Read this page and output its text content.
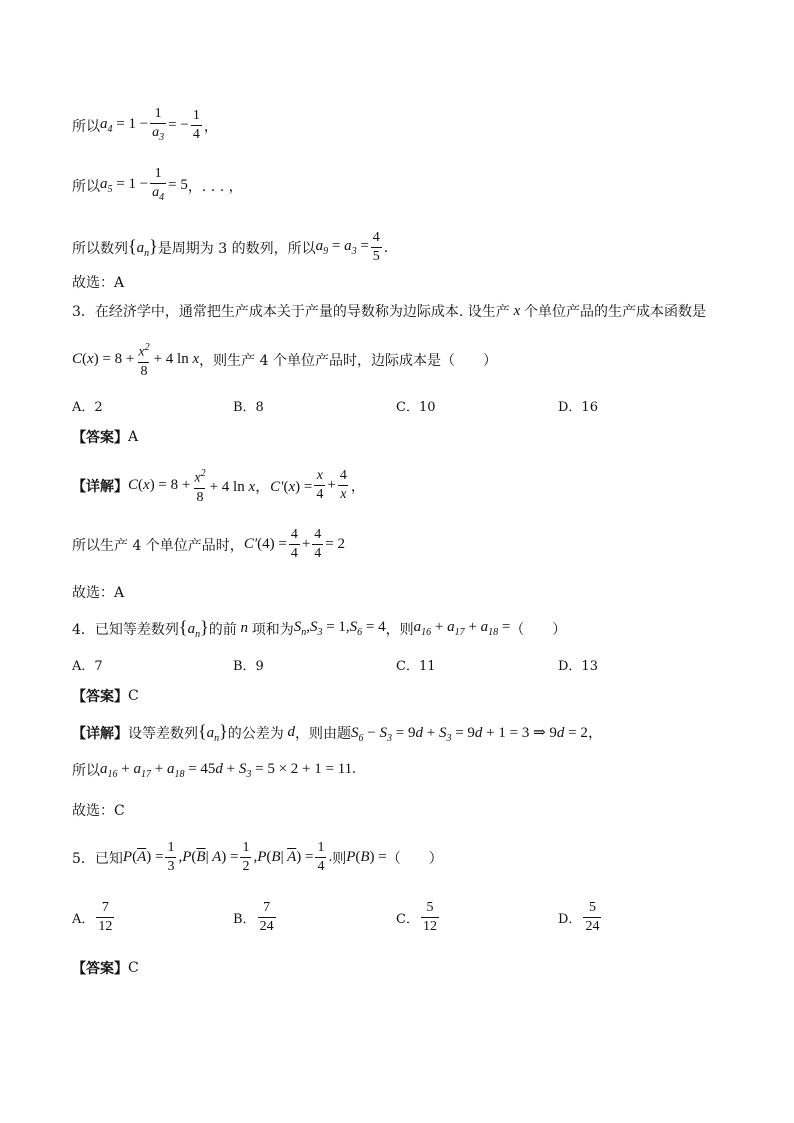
所以 $a_4 = 1 - \frac{1}{a_3}$ = − $\frac{1}{4}$ ，
所以 $a_5 = 1 - \frac{1}{a_4} = 5$ ，. . . ，
所以数列 $\{a_n\}$ 是周期为 3 的数列，所以 $a_9 = a_3 = \frac{4}{5}$ .
故选：A
3．在经济学中，通常把生产成本关于产量的导数称为边际成本. 设生产 x 个单位产品的生产成本函数是
$C(x) = 8 + \frac{x^2}{8} + 4$ ln x ，则生产 4 个单位产品时，边际成本是（　　）
A．2	B．8	C．10	D．16
【答案】 A
【详解】 $C(x) = 8 + \frac{x^2}{8} + 4$ ln x，$C'(x) = \frac{x}{4} + \frac{4}{x}$ ，
所以生产 4 个单位产品时， $C'(4) = \frac{4}{4} + \frac{4}{4} = 2$
故选：A
4．已知等差数列 $\{a_n\}$ 的前 n 项和为 $S_n,S_3 = 1,S_6 = 4$ ，则 $a_{16} + a_{17} + a_{18}$ = （　　）
A．7	B．9	C．11	D．13
【答案】 C
【详解】 设等差数列 $\{a_n\}$ 的公差为 d ，则由题 $S_6 - S_3 = 9d + S_3 = 9d + 1 = 3$ ⇒ 9d = 2，
所以 $a_{16} + a_{17} + a_{18} = 45d + S_3 = 5 \times 2 + 1 = 11$.
故选：C
5．已知 $P(\overline{A}) = \frac{1}{3} ,P(\overline{B}|$ $A) = \frac{1}{2} ,P(B|$ $\overline{A}) = \frac{1}{4}$ . 则 P(B) = （　　）
A．
7
12	B．
7
24	C．
5
12	D．
5
24
【答案】 C
